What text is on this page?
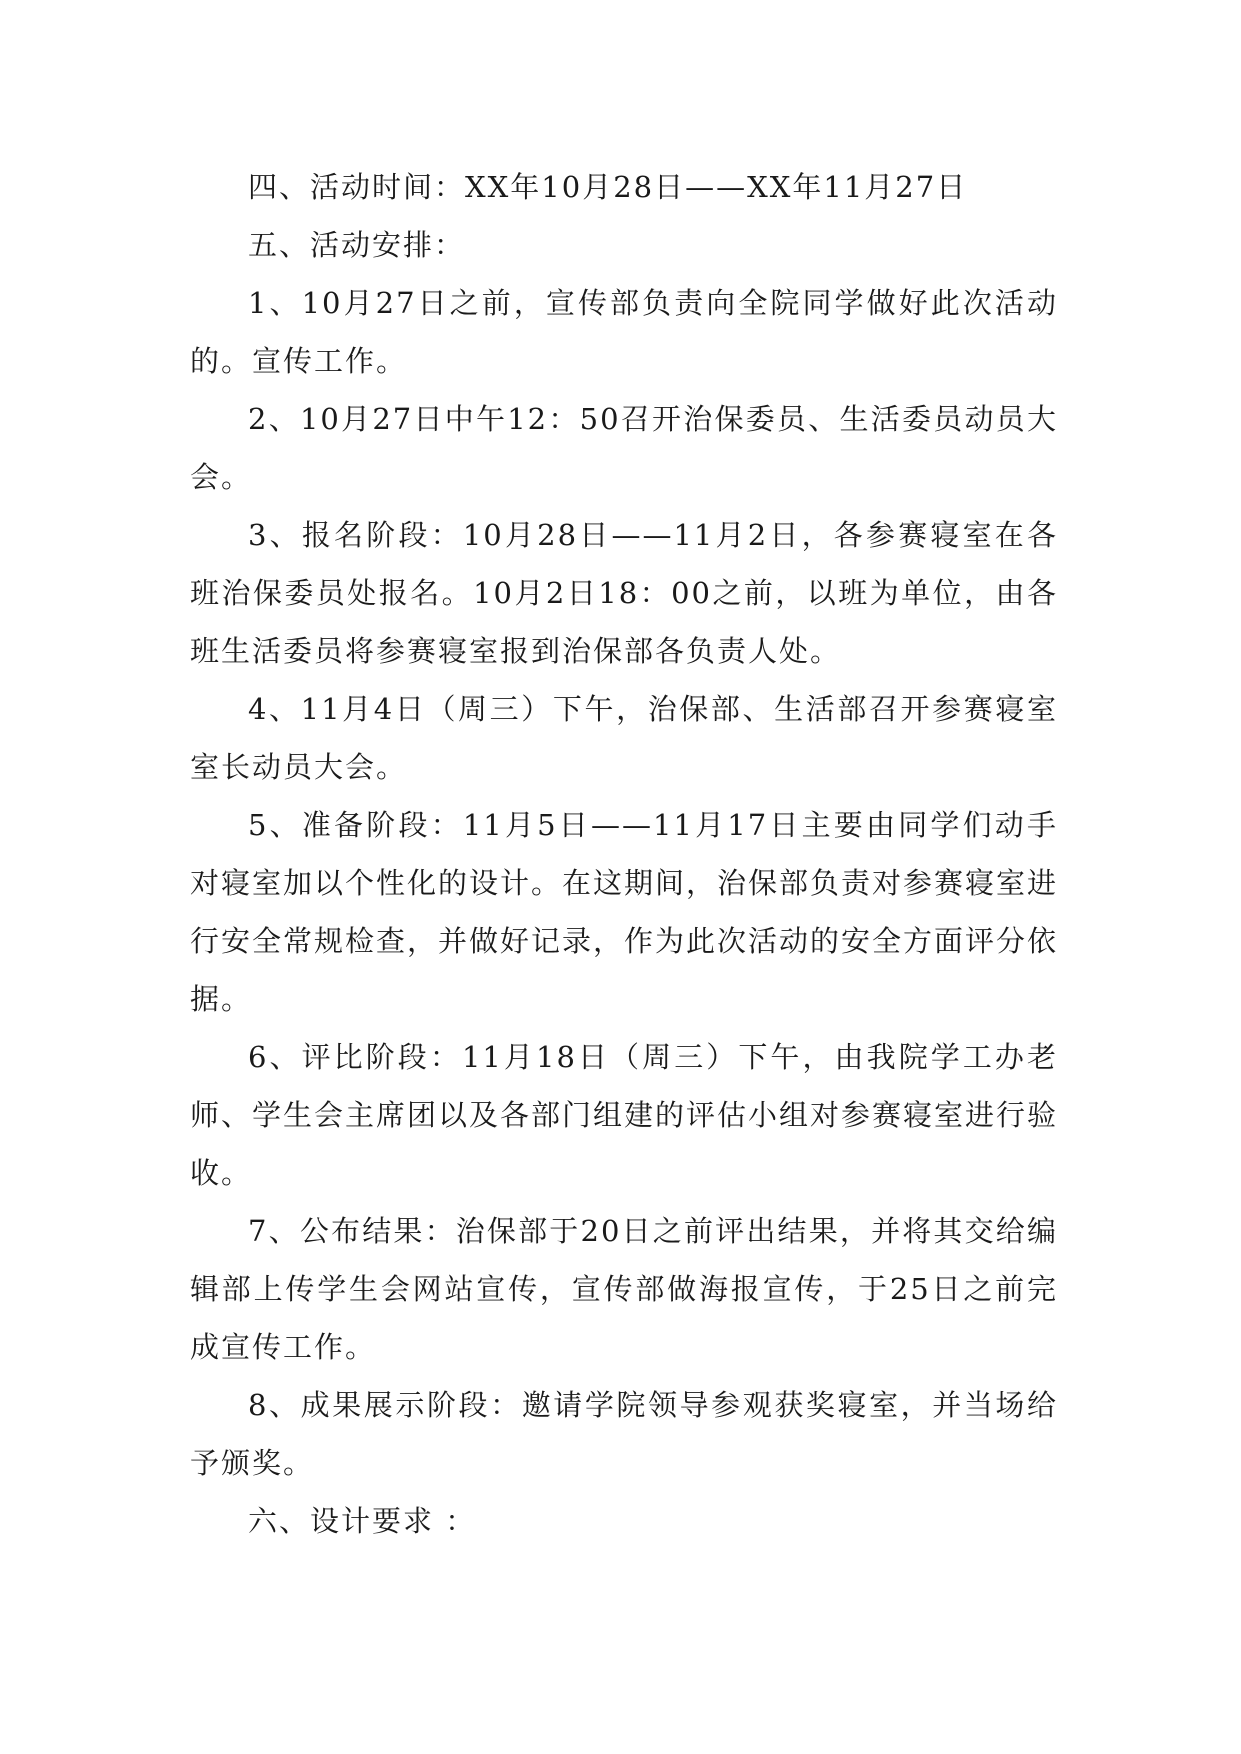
四、活动时间：XX年10月28日——XX年11月27日

五、活动安排：

1、10月27日之前，宣传部负责向全院同学做好此次活动的。宣传工作。

2、10月27日中午12：50召开治保委员、生活委员动员大会。

3、报名阶段：10月28日——11月2日，各参赛寝室在各班治保委员处报名。10月2日18：00之前，以班为单位，由各班生活委员将参赛寝室报到治保部各负责人处。

4、11月4日（周三）下午，治保部、生活部召开参赛寝室室长动员大会。

5、准备阶段：11月5日——11月17日主要由同学们动手对寝室加以个性化的设计。在这期间，治保部负责对参赛寝室进行安全常规检查，并做好记录，作为此次活动的安全方面评分依据。

6、评比阶段：11月18日（周三）下午，由我院学工办老师、学生会主席团以及各部门组建的评估小组对参赛寝室进行验收。

7、公布结果：治保部于20日之前评出结果，并将其交给编辑部上传学生会网站宣传，宣传部做海报宣传，于25日之前完成宣传工作。

8、成果展示阶段：邀请学院领导参观获奖寝室，并当场给予颁奖。

六、设计要求 ：
